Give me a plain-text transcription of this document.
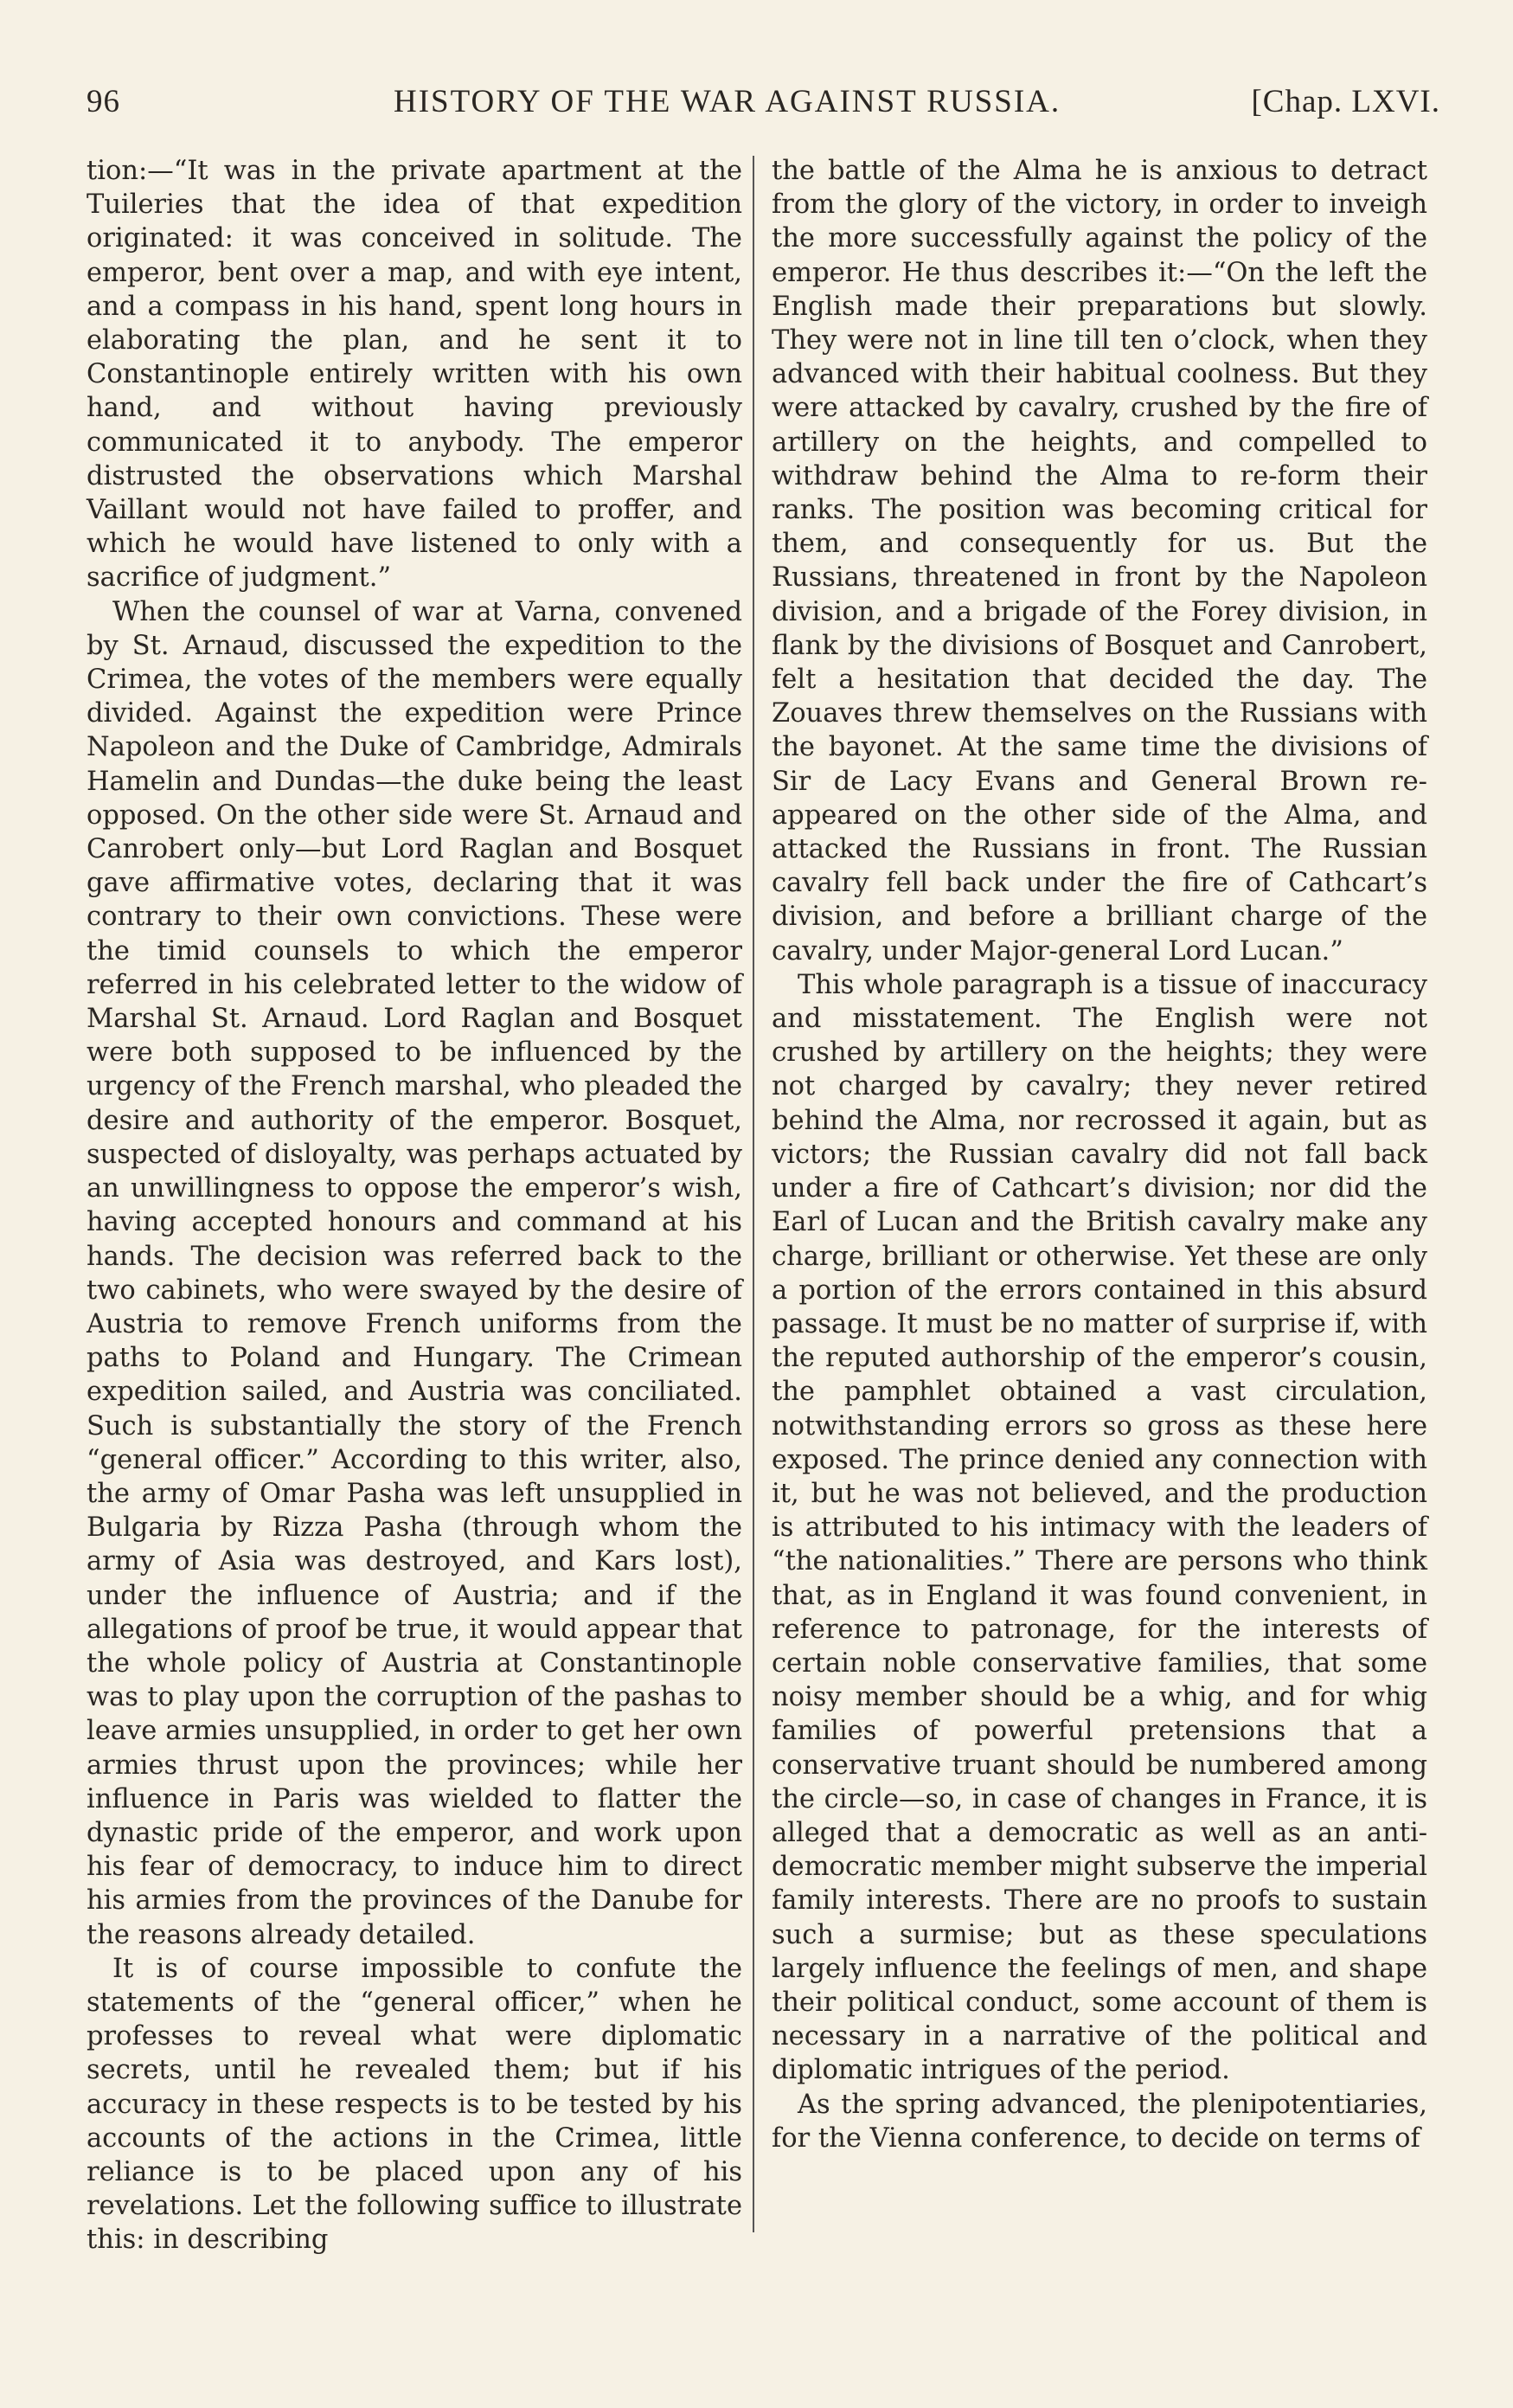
96	HISTORY OF THE WAR AGAINST RUSSIA.	[Chap. LXVI.

tion:—“It was in the private apartment at the Tuileries that the idea of that expedition originated: it was conceived in solitude. The emperor, bent over a map, and with eye intent, and a compass in his hand, spent long hours in elaborating the plan, and he sent it to Constantinople entirely written with his own hand, and without having previously communicated it to anybody. The emperor distrusted the observations which Marshal Vaillant would not have failed to proffer, and which he would have listened to only with a sacrifice of judgment.”

When the counsel of war at Varna, convened by St. Arnaud, discussed the expedition to the Crimea, the votes of the members were equally divided. Against the expedition were Prince Napoleon and the Duke of Cambridge, Admirals Hamelin and Dundas—the duke being the least opposed. On the other side were St. Arnaud and Canrobert only—but Lord Raglan and Bosquet gave affirmative votes, declaring that it was contrary to their own convictions. These were the timid counsels to which the emperor referred in his celebrated letter to the widow of Marshal St. Arnaud. Lord Raglan and Bosquet were both supposed to be influenced by the urgency of the French marshal, who pleaded the desire and authority of the emperor. Bosquet, suspected of disloyalty, was perhaps actuated by an unwillingness to oppose the emperor’s wish, having accepted honours and command at his hands. The decision was referred back to the two cabinets, who were swayed by the desire of Austria to remove French uniforms from the paths to Poland and Hungary. The Crimean expedition sailed, and Austria was conciliated. Such is substantially the story of the French “general officer.” According to this writer, also, the army of Omar Pasha was left unsupplied in Bulgaria by Rizza Pasha (through whom the army of Asia was destroyed, and Kars lost), under the influence of Austria; and if the allegations of proof be true, it would appear that the whole policy of Austria at Constantinople was to play upon the corruption of the pashas to leave armies unsupplied, in order to get her own armies thrust upon the provinces; while her influence in Paris was wielded to flatter the dynastic pride of the emperor, and work upon his fear of democracy, to induce him to direct his armies from the provinces of the Danube for the reasons already detailed.

It is of course impossible to confute the statements of the “general officer,” when he professes to reveal what were diplomatic secrets, until he revealed them; but if his accuracy in these respects is to be tested by his accounts of the actions in the Crimea, little reliance is to be placed upon any of his revelations. Let the following suffice to illustrate this: in describing

the battle of the Alma he is anxious to detract from the glory of the victory, in order to inveigh the more successfully against the policy of the emperor. He thus describes it:—“On the left the English made their preparations but slowly. They were not in line till ten o’clock, when they advanced with their habitual coolness. But they were attacked by cavalry, crushed by the fire of artillery on the heights, and compelled to withdraw behind the Alma to re-form their ranks. The position was becoming critical for them, and consequently for us. But the Russians, threatened in front by the Napoleon division, and a brigade of the Forey division, in flank by the divisions of Bosquet and Canrobert, felt a hesitation that decided the day. The Zouaves threw themselves on the Russians with the bayonet. At the same time the divisions of Sir de Lacy Evans and General Brown re-appeared on the other side of the Alma, and attacked the Russians in front. The Russian cavalry fell back under the fire of Cathcart’s division, and before a brilliant charge of the cavalry, under Major-general Lord Lucan.”

This whole paragraph is a tissue of inaccuracy and misstatement. The English were not crushed by artillery on the heights; they were not charged by cavalry; they never retired behind the Alma, nor recrossed it again, but as victors; the Russian cavalry did not fall back under a fire of Cathcart’s division; nor did the Earl of Lucan and the British cavalry make any charge, brilliant or otherwise. Yet these are only a portion of the errors contained in this absurd passage. It must be no matter of surprise if, with the reputed authorship of the emperor’s cousin, the pamphlet obtained a vast circulation, notwithstanding errors so gross as these here exposed. The prince denied any connection with it, but he was not believed, and the production is attributed to his intimacy with the leaders of “the nationalities.” There are persons who think that, as in England it was found convenient, in reference to patronage, for the interests of certain noble conservative families, that some noisy member should be a whig, and for whig families of powerful pretensions that a conservative truant should be numbered among the circle—so, in case of changes in France, it is alleged that a democratic as well as an anti-democratic member might subserve the imperial family interests. There are no proofs to sustain such a surmise; but as these speculations largely influence the feelings of men, and shape their political conduct, some account of them is necessary in a narrative of the political and diplomatic intrigues of the period.

As the spring advanced, the plenipotentiaries, for the Vienna conference, to decide on terms of
